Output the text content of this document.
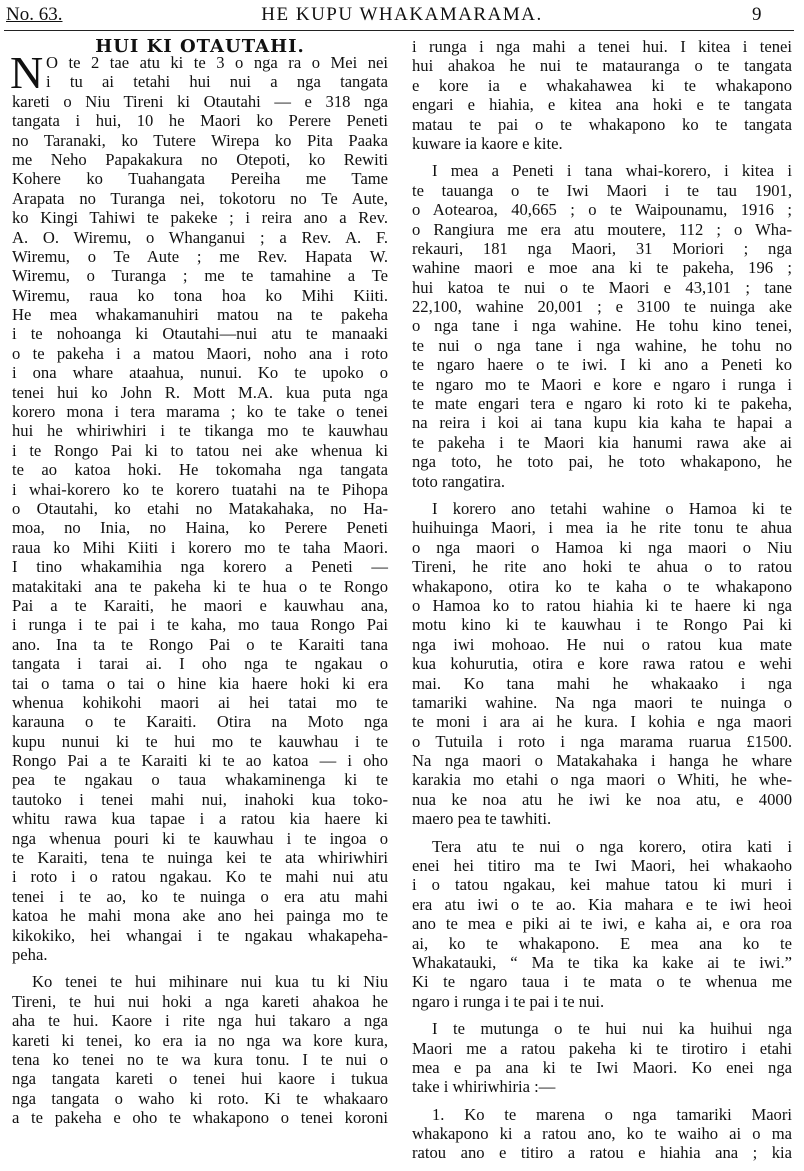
No. 63.	HE KUPU WHAKAMARAMA.	9
HUI KI OTAUTAHI.
N O te 2 tae atu ki te 3 o nga ra o Mei nei
i tu ai tetahi hui nui a nga tangata
kareti o Niu Tireni ki Otautahi — e 318 nga
tangata i hui, 10 he Maori ko Perere Peneti
no Taranaki, ko Tutere Wirepa ko Pita Paaka
me Neho Papakakura no Otepoti, ko Rewiti
Kohere ko Tuahangata Pereiha me Tame
Arapata no Turanga nei, tokotoru no Te Aute,
ko Kingi Tahiwi te pakeke ; i reira ano a Rev.
A. O. Wiremu, o Whanganui ; a Rev. A. F.
Wiremu, o Te Aute ; me Rev. Hapata W.
Wiremu, o Turanga ; me te tamahine a Te
Wiremu, raua ko tona hoa ko Mihi Kiiti.
He mea whakamanuhiri matou na te pakeha
i te nohoanga ki Otautahi—nui atu te manaaki
o te pakeha i a matou Maori, noho ana i roto
i ona whare ataahua, nunui. Ko te upoko o
tenei hui ko John R. Mott M.A. kua puta nga
korero mona i tera marama ; ko te take o tenei
hui he whiriwhiri i te tikanga mo te kauwhau
i te Rongo Pai ki to tatou nei ake whenua ki
te ao katoa hoki. He tokomaha nga tangata
i whai-korero ko te korero tuatahi na te Pihopa
o Otautahi, ko etahi no Matakahaka, no Ha-
moa, no Inia, no Haina, ko Perere Peneti
raua ko Mihi Kiiti i korero mo te taha Maori.
I tino whakamihia nga korero a Peneti —
matakitaki ana te pakeha ki te hua o te Rongo
Pai a te Karaiti, he maori e kauwhau ana,
i runga i te pai i te kaha, mo taua Rongo Pai
ano. Ina ta te Rongo Pai o te Karaiti tana
tangata i tarai ai. I oho nga te ngakau o
tai o tama o tai o hine kia haere hoki ki era
whenua kohikohi maori ai hei tatai mo te
karauna o te Karaiti. Otira na Moto nga
kupu nunui ki te hui mo te kauwhau i te
Rongo Pai a te Karaiti ki te ao katoa — i oho
pea te ngakau o taua whakaminenga ki te
tautoko i tenei mahi nui, inahoki kua toko-
whitu rawa kua tapae i a ratou kia haere ki
nga whenua pouri ki te kauwhau i te ingoa o
te Karaiti, tena te nuinga kei te ata whiriwhiri
i roto i o ratou ngakau. Ko te mahi nui atu
tenei i te ao, ko te nuinga o era atu mahi
katoa he mahi mona ake ano hei painga mo te
kikokiko, hei whangai i te ngakau whakapeha-
peha.
Ko tenei te hui mihinare nui kua tu ki Niu
Tireni, te hui nui hoki a nga kareti ahakoa he
aha te hui. Kaore i rite nga hui takaro a nga
kareti ki tenei, ko era ia no nga wa kore kura,
tena ko tenei no te wa kura tonu. I te nui o
nga tangata kareti o tenei hui kaore i tukua
nga tangata o waho ki roto. Ki te whakaaro
a te pakeha e oho te whakapono o tenei koroni
i runga i nga mahi a tenei hui. I kitea i tenei
hui ahakoa he nui te matauranga o te tangata
e kore ia e whakahawea ki te whakapono
engari e hiahia, e kitea ana hoki e te tangata
matau te pai o te whakapono ko te tangata
kuware ia kaore e kite.
I mea a Peneti i tana whai-korero, i kitea i
te tauanga o te Iwi Maori i te tau 1901,
o Aotearoa, 40,665 ; o te Waipounamu, 1916 ;
o Rangiura me era atu moutere, 112 ; o Wha-
rekauri, 181 nga Maori, 31 Moriori ; nga
wahine maori e moe ana ki te pakeha, 196 ;
hui katoa te nui o te Maori e 43,101 ; tane
22,100, wahine 20,001 ; e 3100 te nuinga ake
o nga tane i nga wahine. He tohu kino tenei,
te nui o nga tane i nga wahine, he tohu no
te ngaro haere o te iwi. I ki ano a Peneti ko
te ngaro mo te Maori e kore e ngaro i runga i
te mate engari tera e ngaro ki roto ki te pakeha,
na reira i koi ai tana kupu kia kaha te hapai a
te pakeha i te Maori kia hanumi rawa ake ai
nga toto, he toto pai, he toto whakapono, he
toto rangatira.
I korero ano tetahi wahine o Hamoa ki te
huihuinga Maori, i mea ia he rite tonu te ahua
o nga maori o Hamoa ki nga maori o Niu
Tireni, he rite ano hoki te ahua o to ratou
whakapono, otira ko te kaha o te whakapono
o Hamoa ko to ratou hiahia ki te haere ki nga
motu kino ki te kauwhau i te Rongo Pai ki
nga iwi mohoao. He nui o ratou kua mate
kua kohurutia, otira e kore rawa ratou e wehi
mai. Ko tana mahi he whakaako i nga
tamariki wahine. Na nga maori te nuinga o
te moni i ara ai he kura. I kohia e nga maori
o Tutuila i roto i nga marama ruarua £1500.
Na nga maori o Matakahaka i hanga he whare
karakia mo etahi o nga maori o Whiti, he whe-
nua ke noa atu he iwi ke noa atu, e 4000
maero pea te tawhiti.
Tera atu te nui o nga korero, otira kati i
enei hei titiro ma te Iwi Maori, hei whakaoho
i o tatou ngakau, kei mahue tatou ki muri i
era atu iwi o te ao. Kia mahara e te iwi heoi
ano te mea e piki ai te iwi, e kaha ai, e ora roa
ai, ko te whakapono. E mea ana ko te
Whakatauki, “ Ma te tika ka kake ai te iwi.”
Ki te ngaro taua i te mata o te whenua me
ngaro i runga i te pai i te nui.
I te mutunga o te hui nui ka huihui nga
Maori me a ratou pakeha ki te tirotiro i etahi
mea e pa ana ki te Iwi Maori. Ko enei nga
take i whiriwhiria :—
1. Ko te marena o nga tamariki Maori
whakapono ki a ratou ano, ko te waiho ai o ma
ratou ano e titiro a ratou e hiahia ana ; kia
